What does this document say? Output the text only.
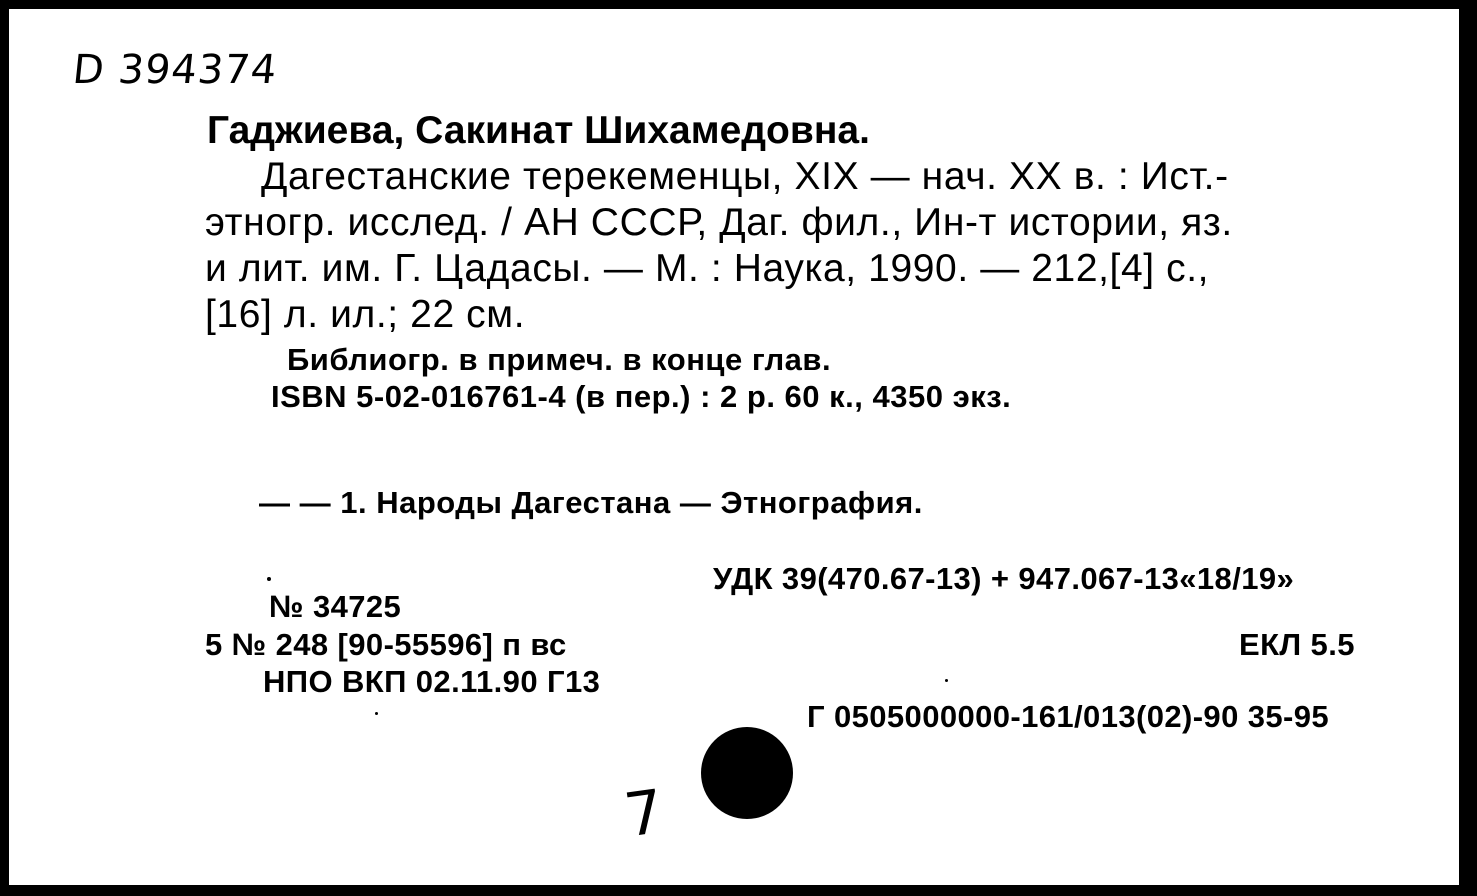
D 394374
Гаджиева, Сакинат Шихамедовна.
Дагестанские терекеменцы, XIX — нач. XX в. : Ист.-
этногр. исслед. / АН СССР, Даг. фил., Ин-т истории, яз.
и лит. им. Г. Цадасы. — М. : Наука, 1990. — 212,[4] с.,
[16] л. ил.; 22 см.
Библиогр. в примеч. в конце глав.
ISBN 5-02-016761-4 (в пер.) : 2 р. 60 к., 4350 экз.
— — 1. Народы Дагестана — Этнография.
УДК 39(470.67-13) + 947.067-13«18/19»
№ 34725
5 № 248 [90-55596] п вс	ЕКЛ 5.5
НПО ВКП 02.11.90 Г13
Г 0505000000-161/013(02)-90 35-95
7
